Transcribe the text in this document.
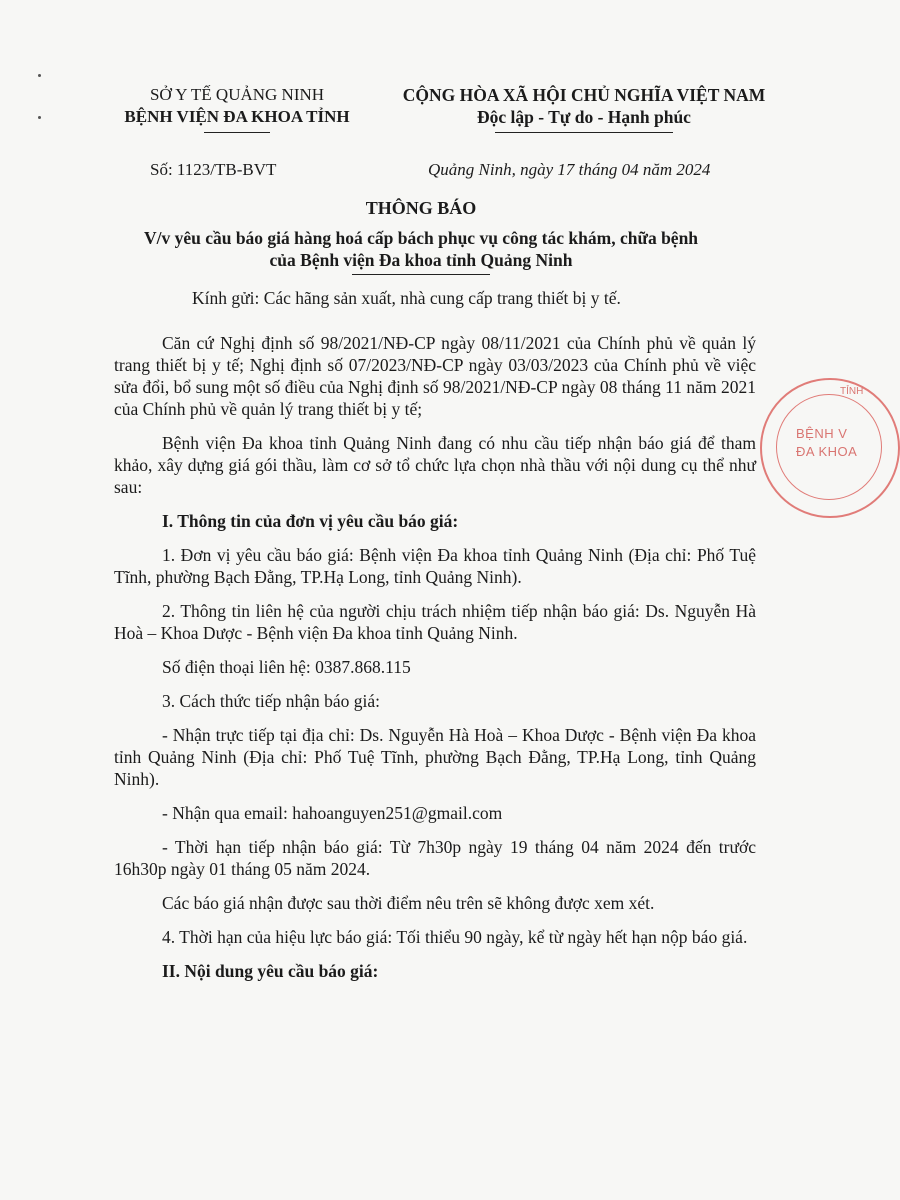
SỞ Y TẾ QUẢNG NINH
BỆNH VIỆN ĐA KHOA TỈNH
CỘNG HÒA XÃ HỘI CHỦ NGHĨA VIỆT NAM
Độc lập - Tự do - Hạnh phúc
Số: 1123/TB-BVT	Quảng Ninh, ngày 17 tháng 04 năm 2024
THÔNG BÁO
V/v yêu cầu báo giá hàng hoá cấp bách phục vụ công tác khám, chữa bệnh
của Bệnh viện Đa khoa tỉnh Quảng Ninh
Kính gửi: Các hãng sản xuất, nhà cung cấp trang thiết bị y tế.

Căn cứ Nghị định số 98/2021/NĐ-CP ngày 08/11/2021 của Chính phủ về quản lý trang thiết bị y tế; Nghị định số 07/2023/NĐ-CP ngày 03/03/2023 của Chính phủ về việc sửa đổi, bổ sung một số điều của Nghị định số 98/2021/NĐ-CP ngày 08 tháng 11 năm 2021 của Chính phủ về quản lý trang thiết bị y tế;

Bệnh viện Đa khoa tỉnh Quảng Ninh đang có nhu cầu tiếp nhận báo giá để tham khảo, xây dựng giá gói thầu, làm cơ sở tổ chức lựa chọn nhà thầu với nội dung cụ thể như sau:

I. Thông tin của đơn vị yêu cầu báo giá:

1. Đơn vị yêu cầu báo giá: Bệnh viện Đa khoa tỉnh Quảng Ninh (Địa chỉ: Phố Tuệ Tĩnh, phường Bạch Đằng, TP.Hạ Long, tỉnh Quảng Ninh).

2. Thông tin liên hệ của người chịu trách nhiệm tiếp nhận báo giá: Ds. Nguyễn Hà Hoà – Khoa Dược - Bệnh viện Đa khoa tỉnh Quảng Ninh.

Số điện thoại liên hệ: 0387.868.115

3. Cách thức tiếp nhận báo giá:

- Nhận trực tiếp tại địa chỉ: Ds. Nguyễn Hà Hoà – Khoa Dược - Bệnh viện Đa khoa tỉnh Quảng Ninh (Địa chỉ: Phố Tuệ Tĩnh, phường Bạch Đằng, TP.Hạ Long, tỉnh Quảng Ninh).

- Nhận qua email: hahoanguyen251@gmail.com

- Thời hạn tiếp nhận báo giá: Từ 7h30p ngày 19 tháng 04 năm 2024 đến trước 16h30p ngày 01 tháng 05 năm 2024.

Các báo giá nhận được sau thời điểm nêu trên sẽ không được xem xét.

4. Thời hạn của hiệu lực báo giá: Tối thiểu 90 ngày, kể từ ngày hết hạn nộp báo giá.

II. Nội dung yêu cầu báo giá:

TỈNH
BỆNH V
ĐA KHOA
